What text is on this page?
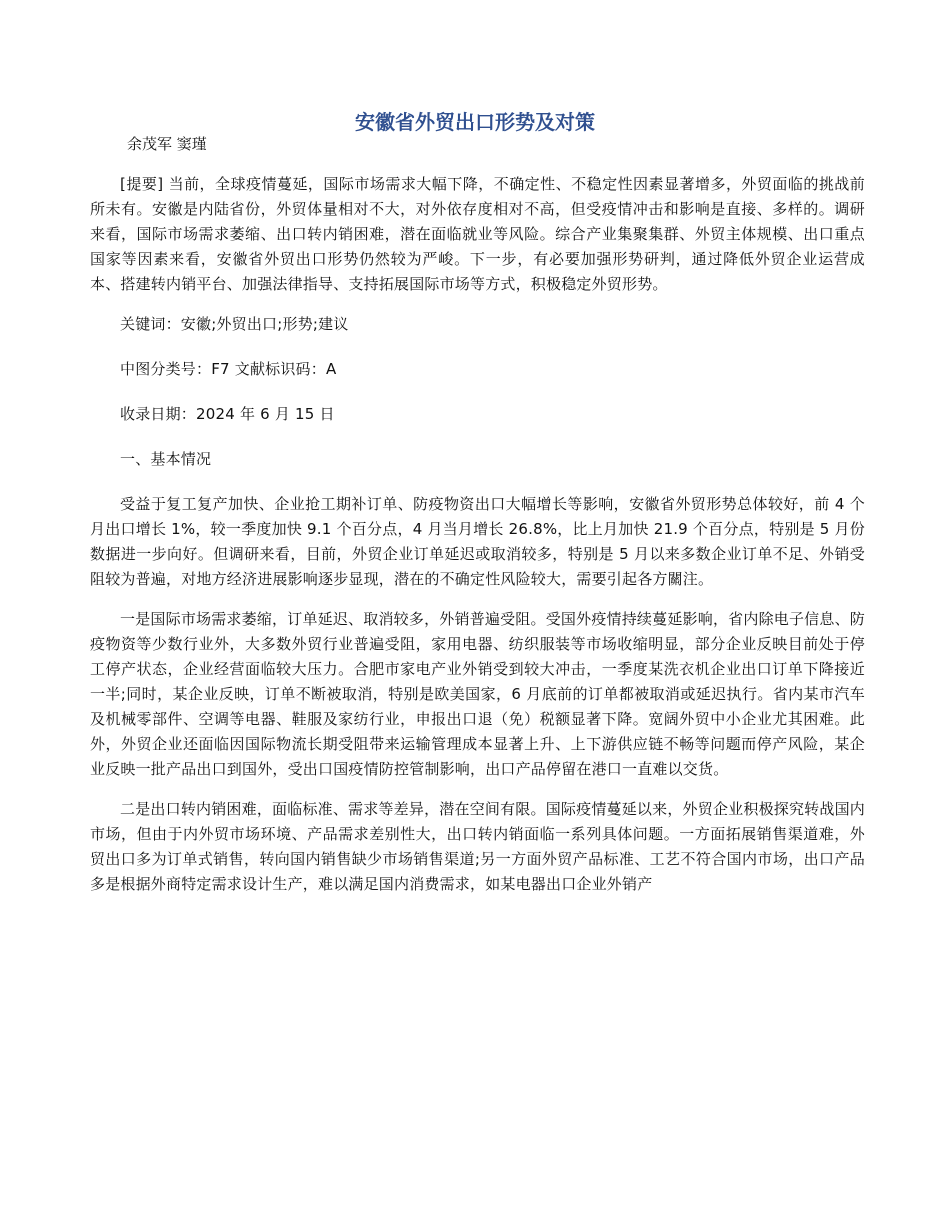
安徽省外贸出口形势及对策

余茂军 窦瑾

[提要] 当前，全球疫情蔓延，国际市场需求大幅下降，不确定性、不稳定性因素显著增多，外贸面临的挑战前所未有。安徽是内陆省份，外贸体量相对不大，对外依存度相对不高，但受疫情冲击和影响是直接、多样的。调研来看，国际市场需求萎缩、出口转内销困难，潜在面临就业等风险。综合产业集聚集群、外贸主体规模、出口重点国家等因素来看，安徽省外贸出口形势仍然较为严峻。下一步，有必要加强形势研判，通过降低外贸企业运营成本、搭建转内销平台、加强法律指导、支持拓展国际市场等方式，积极稳定外贸形势。

关键词：安徽;外贸出口;形势;建议

中图分类号：F7 文献标识码：A

收录日期：2024 年 6 月 15 日

一、基本情况

受益于复工复产加快、企业抢工期补订单、防疫物资出口大幅增长等影响，安徽省外贸形势总体较好，前 4 个月出口增长 1%，较一季度加快 9.1 个百分点，4 月当月增长 26.8%，比上月加快 21.9 个百分点，特别是 5 月份数据进一步向好。但调研来看，目前，外贸企业订单延迟或取消较多，特别是 5 月以来多数企业订单不足、外销受阻较为普遍，对地方经济进展影响逐步显现，潜在的不确定性风险较大，需要引起各方關注。

一是国际市场需求萎缩，订单延迟、取消较多，外销普遍受阻。受国外疫情持续蔓延影响，省内除电子信息、防疫物资等少数行业外，大多数外贸行业普遍受阻，家用电器、纺织服装等市场收缩明显，部分企业反映目前处于停工停产状态，企业经营面临较大压力。合肥市家电产业外销受到较大冲击，一季度某洗衣机企业出口订单下降接近一半;同时，某企业反映，订单不断被取消，特别是欧美国家，6 月底前的订单都被取消或延迟执行。省内某市汽车及机械零部件、空调等电器、鞋服及家纺行业，申报出口退（免）税额显著下降。宽阔外贸中小企业尤其困难。此外，外贸企业还面临因国际物流长期受阻带来运输管理成本显著上升、上下游供应链不畅等问题而停产风险，某企业反映一批产品出口到国外，受出口国疫情防控管制影响，出口产品停留在港口一直难以交货。

二是出口转内销困难，面临标准、需求等差异，潜在空间有限。国际疫情蔓延以来，外贸企业积极探究转战国内市场，但由于内外贸市场环境、产品需求差别性大，出口转内销面临一系列具体问题。一方面拓展销售渠道难，外贸出口多为订单式销售，转向国内销售缺少市场销售渠道;另一方面外贸产品标准、工艺不符合国内市场，出口产品多是根据外商特定需求设计生产，难以满足国内消费需求，如某电器出口企业外销产
